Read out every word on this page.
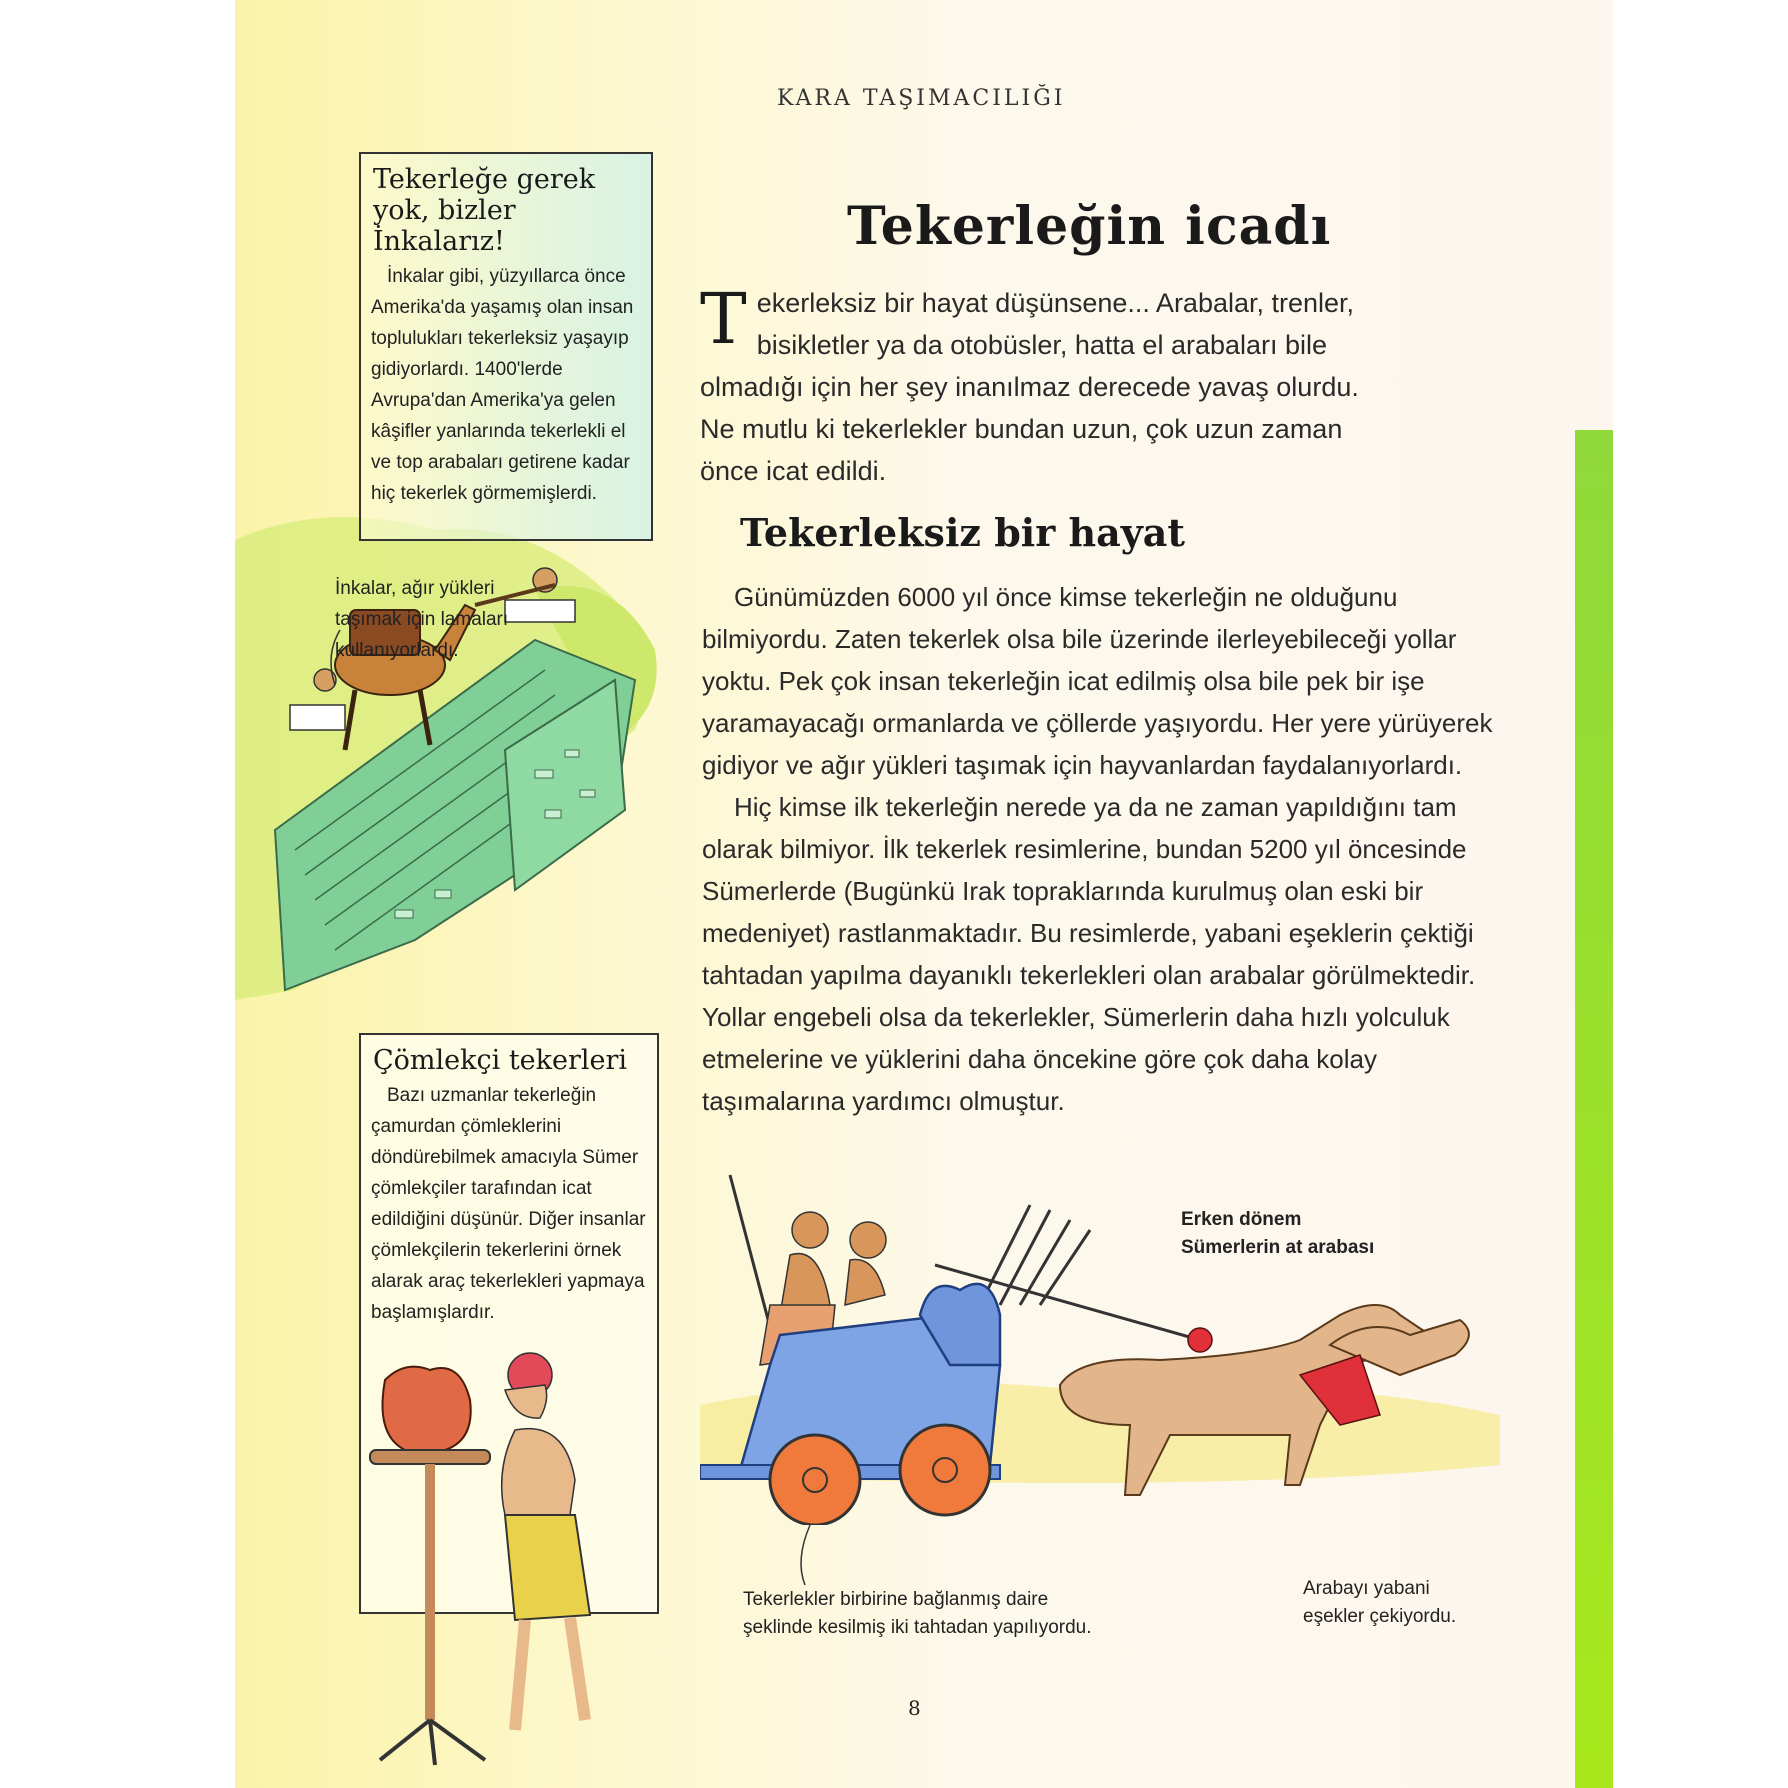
KARA TAŞIMACILIĞI
Tekerleğe gerek yok, bizler İnkalarız!
İnkalar gibi, yüzyıllarca önce Amerika'da yaşamış olan insan toplulukları tekerleksiz yaşayıp gidiyorlardı. 1400'lerde Avrupa'dan Amerika'ya gelen kâşifler yanlarında tekerlekli el ve top arabaları getirene kadar hiç tekerlek görmemişlerdi.
İnkalar, ağır yükleri taşımak için lamaları kullanıyorlardı.
Çömlekçi tekerleri
Bazı uzmanlar tekerleğin çamurdan çömleklerini döndürebilmek amacıyla Sümer çömlekçiler tarafından icat edildiğini düşünür. Diğer insanlar çömlekçilerin tekerlerini örnek alarak araç tekerlekleri yapmaya başlamışlardır.
Tekerleğin icadı
T ekerleksiz bir hayat düşünsene... Arabalar, trenler, bisikletler ya da otobüsler, hatta el arabaları bile olmadığı için her şey inanılmaz derecede yavaş olurdu. Ne mutlu ki tekerlekler bundan uzun, çok uzun zaman önce icat edildi.
Tekerleksiz bir hayat

Günümüzden 6000 yıl önce kimse tekerleğin ne olduğunu bilmiyordu. Zaten tekerlek olsa bile üzerinde ilerleyebileceği yollar yoktu. Pek çok insan tekerleğin icat edilmiş olsa bile pek bir işe yaramayacağı ormanlarda ve çöllerde yaşıyordu. Her yere yürüyerek gidiyor ve ağır yükleri taşımak için hayvanlardan faydalanıyorlardı.

Hiç kimse ilk tekerleğin nerede ya da ne zaman yapıldığını tam olarak bilmiyor. İlk tekerlek resimlerine, bundan 5200 yıl öncesinde Sümerlerde (Bugünkü Irak topraklarında kurulmuş olan eski bir medeniyet) rastlanmaktadır. Bu resimlerde, yabani eşeklerin çektiği tahtadan yapılma dayanıklı tekerlekleri olan arabalar görülmektedir. Yollar engebeli olsa da tekerlekler, Sümerlerin daha hızlı yolculuk etmelerine ve yüklerini daha öncekine göre çok daha kolay taşımalarına yardımcı olmuştur.

Erken dönem Sümerlerin at arabası
Tekerlekler birbirine bağlanmış daire şeklinde kesilmiş iki tahtadan yapılıyordu.
Arabayı yabani eşekler çekiyordu.
8
